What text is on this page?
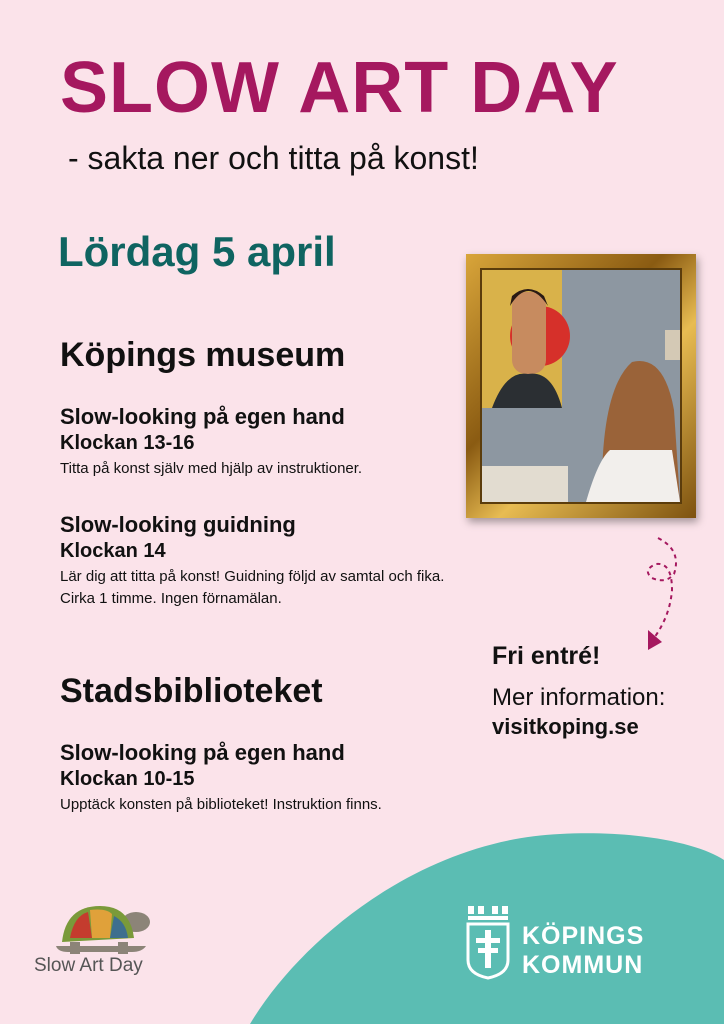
SLOW ART DAY
- sakta ner och titta på konst!
Lördag 5 april
Köpings museum
Slow-looking på egen hand
Klockan 13-16
Titta på konst själv med hjälp av instruktioner.
Slow-looking guidning
Klockan 14
Lär dig att titta på konst! Guidning följd av samtal och fika.
Cirka 1 timme. Ingen förnamälan.
Fri entré!
Mer information:
visitkoping.se
Stadsbiblioteket
Slow-looking på egen hand
Klockan 10-15
Upptäck konsten på biblioteket! Instruktion finns.
Slow Art Day
KÖPINGS
KOMMUN
